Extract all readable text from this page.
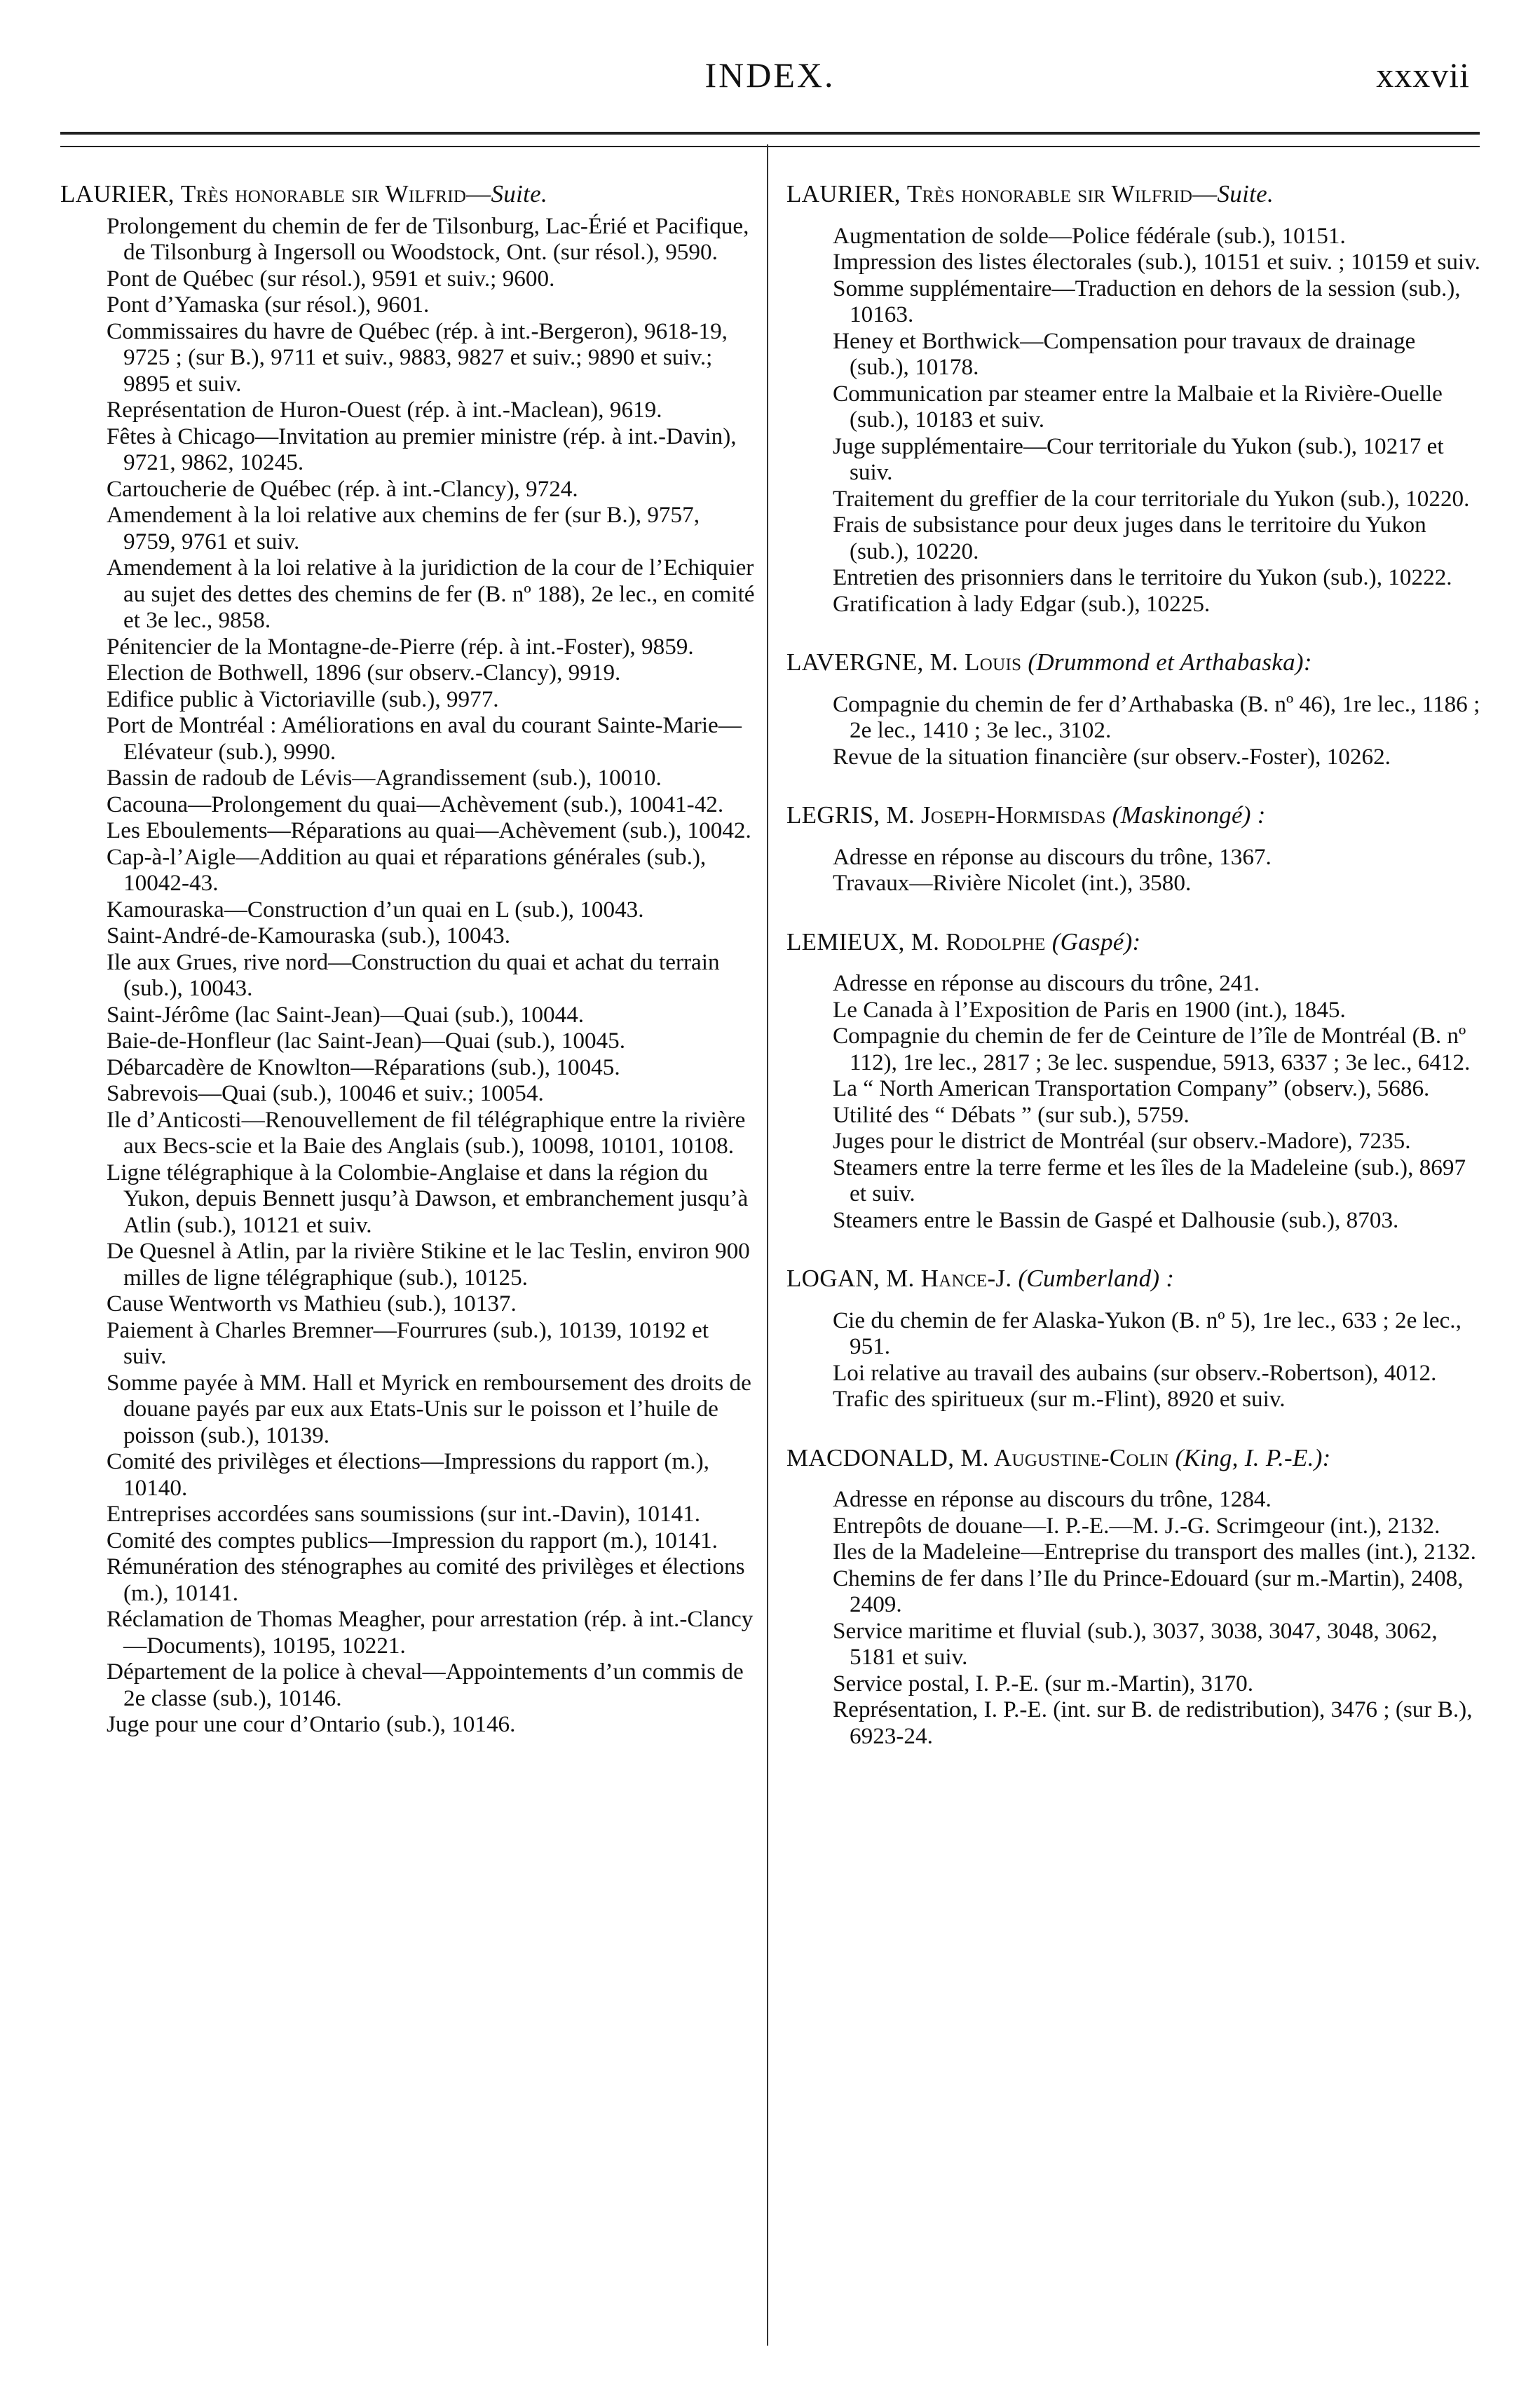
INDEX.	xxxvii
LAURIER, Très honorable sir Wilfrid—Suite.
Prolongement du chemin de fer de Tilsonburg, Lac-Érié et Pacifique, de Tilsonburg à Ingersoll ou Woodstock, Ont. (sur résol.), 9590.
Pont de Québec (sur résol.), 9591 et suiv.; 9600.
Pont d’Yamaska (sur résol.), 9601.
Commissaires du havre de Québec (rép. à int.-Bergeron), 9618-19, 9725 ; (sur B.), 9711 et suiv., 9883, 9827 et suiv.; 9890 et suiv.; 9895 et suiv.
Représentation de Huron-Ouest (rép. à int.-Maclean), 9619.
Fêtes à Chicago—Invitation au premier ministre (rép. à int.-Davin), 9721, 9862, 10245.
Cartoucherie de Québec (rép. à int.-Clancy), 9724.
Amendement à la loi relative aux chemins de fer (sur B.), 9757, 9759, 9761 et suiv.
Amendement à la loi relative à la juridiction de la cour de l’Echiquier au sujet des dettes des chemins de fer (B. nº 188), 2e lec., en comité et 3e lec., 9858.
Pénitencier de la Montagne-de-Pierre (rép. à int.-Foster), 9859.
Election de Bothwell, 1896 (sur observ.-Clancy), 9919.
Edifice public à Victoriaville (sub.), 9977.
Port de Montréal : Améliorations en aval du courant Sainte-Marie—Elévateur (sub.), 9990.
Bassin de radoub de Lévis—Agrandissement (sub.), 10010.
Cacouna—Prolongement du quai—Achèvement (sub.), 10041-42.
Les Eboulements—Réparations au quai—Achèvement (sub.), 10042.
Cap-à-l’Aigle—Addition au quai et réparations générales (sub.), 10042-43.
Kamouraska—Construction d’un quai en L (sub.), 10043.
Saint-André-de-Kamouraska (sub.), 10043.
Ile aux Grues, rive nord—Construction du quai et achat du terrain (sub.), 10043.
Saint-Jérôme (lac Saint-Jean)—Quai (sub.), 10044.
Baie-de-Honfleur (lac Saint-Jean)—Quai (sub.), 10045.
Débarcadère de Knowlton—Réparations (sub.), 10045.
Sabrevois—Quai (sub.), 10046 et suiv.; 10054.
Ile d’Anticosti—Renouvellement de fil télégraphique entre la rivière aux Becs-scie et la Baie des Anglais (sub.), 10098, 10101, 10108.
Ligne télégraphique à la Colombie-Anglaise et dans la région du Yukon, depuis Bennett jusqu’à Dawson, et embranchement jusqu’à Atlin (sub.), 10121 et suiv.
De Quesnel à Atlin, par la rivière Stikine et le lac Teslin, environ 900 milles de ligne télégraphique (sub.), 10125.
Cause Wentworth vs Mathieu (sub.), 10137.
Paiement à Charles Bremner—Fourrures (sub.), 10139, 10192 et suiv.
Somme payée à MM. Hall et Myrick en remboursement des droits de douane payés par eux aux Etats-Unis sur le poisson et l’huile de poisson (sub.), 10139.
Comité des privilèges et élections—Impressions du rapport (m.), 10140.
Entreprises accordées sans soumissions (sur int.-Davin), 10141.
Comité des comptes publics—Impression du rapport (m.), 10141.
Rémunération des sténographes au comité des privilèges et élections (m.), 10141.
Réclamation de Thomas Meagher, pour arrestation (rép. à int.-Clancy—Documents), 10195, 10221.
Département de la police à cheval—Appointements d’un commis de 2e classe (sub.), 10146.
Juge pour une cour d’Ontario (sub.), 10146.
LAURIER, Très honorable sir Wilfrid—Suite.
Augmentation de solde—Police fédérale (sub.), 10151.
Impression des listes électorales (sub.), 10151 et suiv. ; 10159 et suiv.
Somme supplémentaire—Traduction en dehors de la session (sub.), 10163.
Heney et Borthwick—Compensation pour travaux de drainage (sub.), 10178.
Communication par steamer entre la Malbaie et la Rivière-Ouelle (sub.), 10183 et suiv.
Juge supplémentaire—Cour territoriale du Yukon (sub.), 10217 et suiv.
Traitement du greffier de la cour territoriale du Yukon (sub.), 10220.
Frais de subsistance pour deux juges dans le territoire du Yukon (sub.), 10220.
Entretien des prisonniers dans le territoire du Yukon (sub.), 10222.
Gratification à lady Edgar (sub.), 10225.
LAVERGNE, M. Louis (Drummond et Arthabaska):
Compagnie du chemin de fer d’Arthabaska (B. nº 46), 1re lec., 1186 ; 2e lec., 1410 ; 3e lec., 3102.
Revue de la situation financière (sur observ.-Foster), 10262.
LEGRIS, M. Joseph-Hormisdas (Maskinongé) :
Adresse en réponse au discours du trône, 1367.
Travaux—Rivière Nicolet (int.), 3580.
LEMIEUX, M. Rodolphe (Gaspé):
Adresse en réponse au discours du trône, 241.
Le Canada à l’Exposition de Paris en 1900 (int.), 1845.
Compagnie du chemin de fer de Ceinture de l’île de Montréal (B. nº 112), 1re lec., 2817 ; 3e lec. suspendue, 5913, 6337 ; 3e lec., 6412.
La “ North American Transportation Company” (observ.), 5686.
Utilité des “ Débats ” (sur sub.), 5759.
Juges pour le district de Montréal (sur observ.-Madore), 7235.
Steamers entre la terre ferme et les îles de la Madeleine (sub.), 8697 et suiv.
Steamers entre le Bassin de Gaspé et Dalhousie (sub.), 8703.
LOGAN, M. Hance-J. (Cumberland) :
Cie du chemin de fer Alaska-Yukon (B. nº 5), 1re lec., 633 ; 2e lec., 951.
Loi relative au travail des aubains (sur observ.-Robertson), 4012.
Trafic des spiritueux (sur m.-Flint), 8920 et suiv.
MACDONALD, M. Augustine-Colin (King, I. P.-E.):
Adresse en réponse au discours du trône, 1284.
Entrepôts de douane—I. P.-E.—M. J.-G. Scrimgeour (int.), 2132.
Iles de la Madeleine—Entreprise du transport des malles (int.), 2132.
Chemins de fer dans l’Ile du Prince-Edouard (sur m.-Martin), 2408, 2409.
Service maritime et fluvial (sub.), 3037, 3038, 3047, 3048, 3062, 5181 et suiv.
Service postal, I. P.-E. (sur m.-Martin), 3170.
Représentation, I. P.-E. (int. sur B. de redistribution), 3476 ; (sur B.), 6923-24.
